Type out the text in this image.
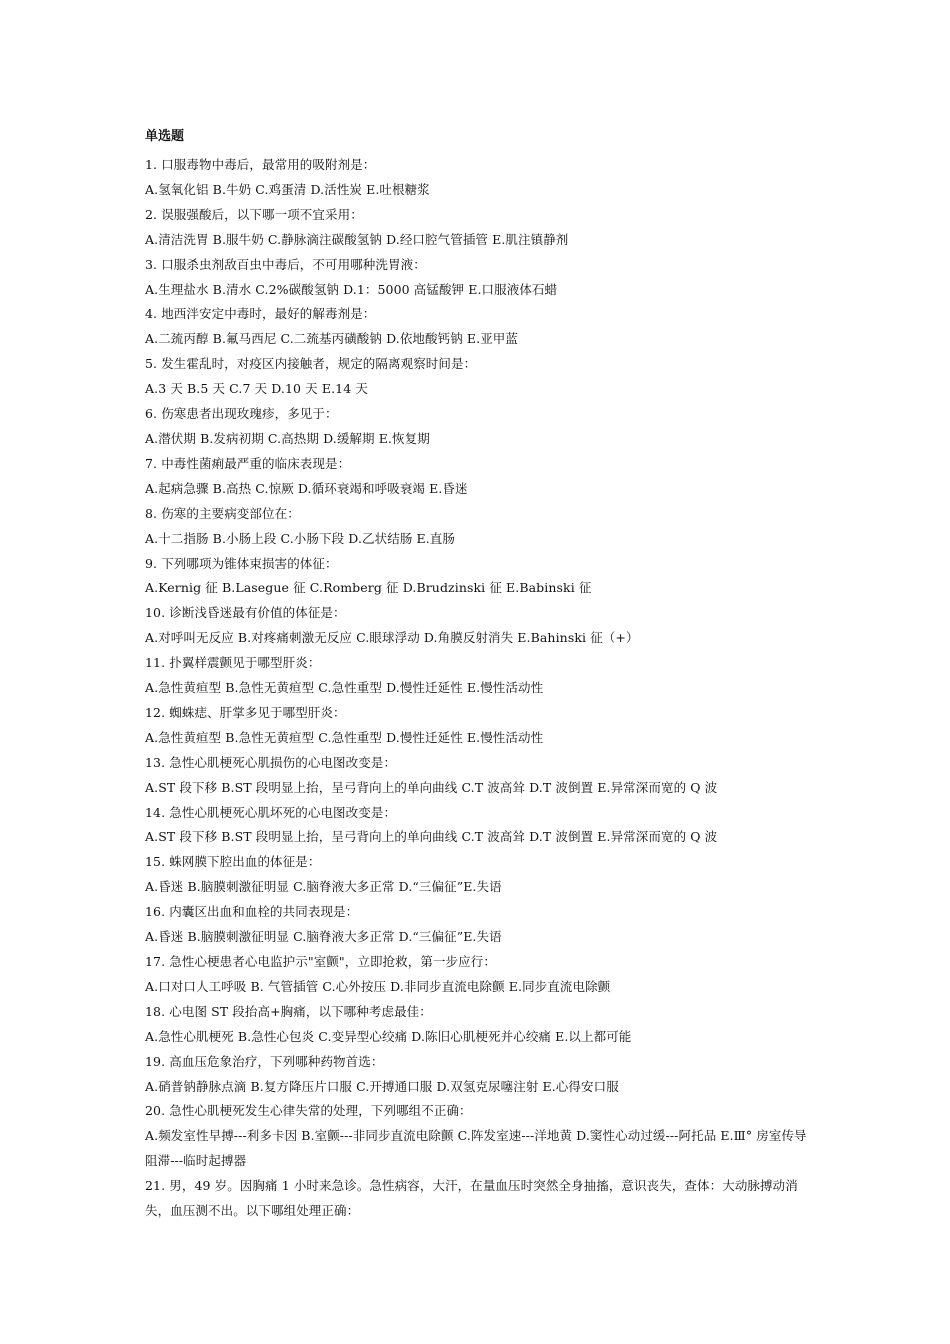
单选题
1. 口服毒物中毒后，最常用的吸附剂是：
A.氢氧化铝 B.牛奶 C.鸡蛋清 D.活性炭 E.吐根糖浆
2. 误服强酸后，以下哪一项不宜采用：
A.清洁洗胃 B.服牛奶 C.静脉滴注碳酸氢钠 D.经口腔气管插管 E.肌注镇静剂
3. 口服杀虫剂敌百虫中毒后，不可用哪种洗胃液：
A.生理盐水 B.清水 C.2%碳酸氢钠 D.1：5000 高锰酸钾 E.口服液体石蜡
4. 地西泮安定中毒时，最好的解毒剂是：
A.二巯丙醇 B.氟马西尼 C.二巯基丙磺酸钠 D.依地酸钙钠 E.亚甲蓝
5. 发生霍乱时，对疫区内接触者，规定的隔离观察时间是：
A.3 天 B.5 天 C.7 天 D.10 天 E.14 天
6. 伤寒患者出现玫瑰疹，多见于：
A.潜伏期 B.发病初期 C.高热期 D.缓解期 E.恢复期
7. 中毒性菌痢最严重的临床表现是：
A.起病急骤 B.高热 C.惊厥 D.循环衰竭和呼吸衰竭 E.昏迷
8. 伤寒的主要病变部位在：
A.十二指肠 B.小肠上段 C.小肠下段 D.乙状结肠 E.直肠
9. 下列哪项为锥体束损害的体征：
A.Kernig 征 B.Lasegue 征 C.Romberg 征 D.Brudzinski 征 E.Babinski 征
10. 诊断浅昏迷最有价值的体征是：
A.对呼叫无反应 B.对疼痛刺激无反应 C.眼球浮动 D.角膜反射消失 E.Bahinski 征（+）
11. 扑翼样震颤见于哪型肝炎：
A.急性黄疸型 B.急性无黄疸型 C.急性重型 D.慢性迁延性 E.慢性活动性
12. 蜘蛛痣、肝掌多见于哪型肝炎：
A.急性黄疸型 B.急性无黄疸型 C.急性重型 D.慢性迁延性 E.慢性活动性
13. 急性心肌梗死心肌损伤的心电图改变是：
A.ST 段下移 B.ST 段明显上抬，呈弓背向上的单向曲线 C.T 波高耸 D.T 波倒置 E.异常深而宽的 Q 波
14. 急性心肌梗死心肌坏死的心电图改变是：
A.ST 段下移 B.ST 段明显上抬，呈弓背向上的单向曲线 C.T 波高耸 D.T 波倒置 E.异常深而宽的 Q 波
15. 蛛网膜下腔出血的体征是：
A.昏迷 B.脑膜刺激征明显 C.脑脊液大多正常 D.“三偏征”E.失语
16. 内囊区出血和血栓的共同表现是：
A.昏迷 B.脑膜刺激征明显 C.脑脊液大多正常 D.“三偏征”E.失语
17. 急性心梗患者心电监护示"室颤"，立即抢救，第一步应行：
A.口对口人工呼吸 B. 气管插管 C.心外按压 D.非同步直流电除颤 E.同步直流电除颤
18. 心电图 ST 段抬高+胸痛，以下哪种考虑最佳：
A.急性心肌梗死 B.急性心包炎 C.变异型心绞痛 D.陈旧心肌梗死并心绞痛 E.以上都可能
19. 高血压危象治疗，下列哪种药物首选：
A.硝普钠静脉点滴 B.复方降压片口服 C.开搏通口服 D.双氢克尿噻注射 E.心得安口服
20. 急性心肌梗死发生心律失常的处理，下列哪组不正确：
A.频发室性早搏---利多卡因 B.室颤---非同步直流电除颤 C.阵发室速---洋地黄 D.窦性心动过缓---阿托品 E.Ⅲ° 房室传导阻滞---临时起搏器
21. 男，49 岁。因胸痛 1 小时来急诊。急性病容，大汗，在量血压时突然全身抽搐，意识丧失，查体：大动脉搏动消失，血压测不出。以下哪组处理正确：
